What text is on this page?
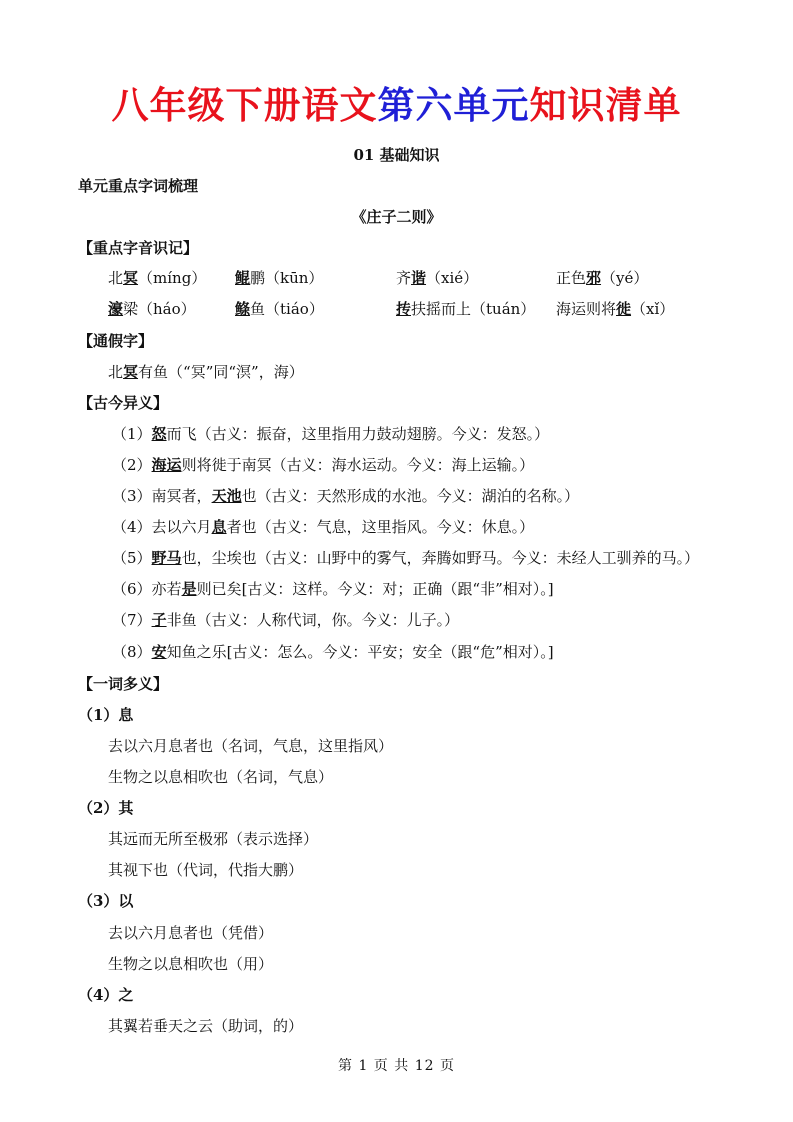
八年级下册语文第六单元知识清单
01 基础知识
单元重点字词梳理
《庄子二则》
【重点字音识记】
北冥（míng） 鲲鹏（kūn）	齐谐（xié）	正色邪（yé）
濠梁（háo）	鲦鱼（tiáo）	抟扶摇而上（tuán） 海运则将徙（xǐ）
【通假字】
北冥有鱼（“冥”同“溟”，海）
【古今异义】
（1）怒而飞（古义：振奋，这里指用力鼓动翅膀。今义：发怒。）
（2）海运则将徙于南冥（古义：海水运动。今义：海上运输。）
（3）南冥者，天池也（古义：天然形成的水池。今义：湖泊的名称。）
（4）去以六月息者也（古义：气息，这里指风。今义：休息。）
（5）野马也，尘埃也（古义：山野中的雾气，奔腾如野马。今义：未经人工驯养的马。）
（6）亦若是则已矣[古义：这样。今义：对；正确（跟“非”相对）。]
（7）子非鱼（古义：人称代词，你。今义：儿子。）
（8）安知鱼之乐[古义：怎么。今义：平安；安全（跟“危”相对）。]
【一词多义】
（1）息
去以六月息者也（名词，气息，这里指风）
生物之以息相吹也（名词，气息）
（2）其
其远而无所至极邪（表示选择）
其视下也（代词，代指大鹏）
（3）以
去以六月息者也（凭借）
生物之以息相吹也（用）
（4）之
其翼若垂天之云（助词，的）
第 1 页 共 12 页
